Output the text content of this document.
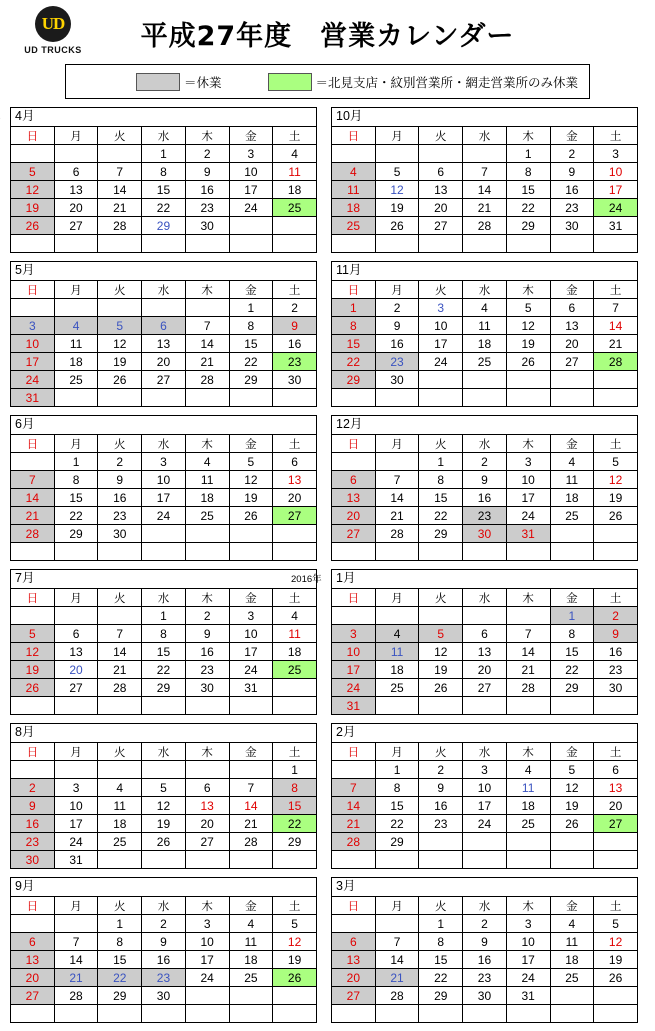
UD
UD TRUCKS	平成27年度　営業カレンダー
＝休業	＝北見支店・紋別営業所・網走営業所のみ休業
4月
日	月	火	水	木	金	土
			1	2	3	4
5	6	7	8	9	10	11
12	13	14	15	16	17	18
19	20	21	22	23	24	25
26	27	28	29	30		

5月
日	月	火	水	木	金	土
					1	2
3	4	5	6	7	8	9
10	11	12	13	14	15	16
17	18	19	20	21	22	23
24	25	26	27	28	29	30
31						
6月
日	月	火	水	木	金	土
	1	2	3	4	5	6
7	8	9	10	11	12	13
14	15	16	17	18	19	20
21	22	23	24	25	26	27
28	29	30				

7月
日	月	火	水	木	金	土
			1	2	3	4
5	6	7	8	9	10	11
12	13	14	15	16	17	18
19	20	21	22	23	24	25
26	27	28	29	30	31	

8月
日	月	火	水	木	金	土
						1
2	3	4	5	6	7	8
9	10	11	12	13	14	15
16	17	18	19	20	21	22
23	24	25	26	27	28	29
30	31					
9月
日	月	火	水	木	金	土
		1	2	3	4	5
6	7	8	9	10	11	12
13	14	15	16	17	18	19
20	21	22	23	24	25	26
27	28	29	30			

10月
日	月	火	水	木	金	土
				1	2	3
4	5	6	7	8	9	10
11	12	13	14	15	16	17
18	19	20	21	22	23	24
25	26	27	28	29	30	31

11月
日	月	火	水	木	金	土
1	2	3	4	5	6	7
8	9	10	11	12	13	14
15	16	17	18	19	20	21
22	23	24	25	26	27	28
29	30					

12月
日	月	火	水	木	金	土
		1	2	3	4	5
6	7	8	9	10	11	12
13	14	15	16	17	18	19
20	21	22	23	24	25	26
27	28	29	30	31		

2016年	1月
日	月	火	水	木	金	土
					1	2
3	4	5	6	7	8	9
10	11	12	13	14	15	16
17	18	19	20	21	22	23
24	25	26	27	28	29	30
31						
2月
日	月	火	水	木	金	土
	1	2	3	4	5	6
7	8	9	10	11	12	13
14	15	16	17	18	19	20
21	22	23	24	25	26	27
28	29					

3月
日	月	火	水	木	金	土
		1	2	3	4	5
6	7	8	9	10	11	12
13	14	15	16	17	18	19
20	21	22	23	24	25	26
27	28	29	30	31		
